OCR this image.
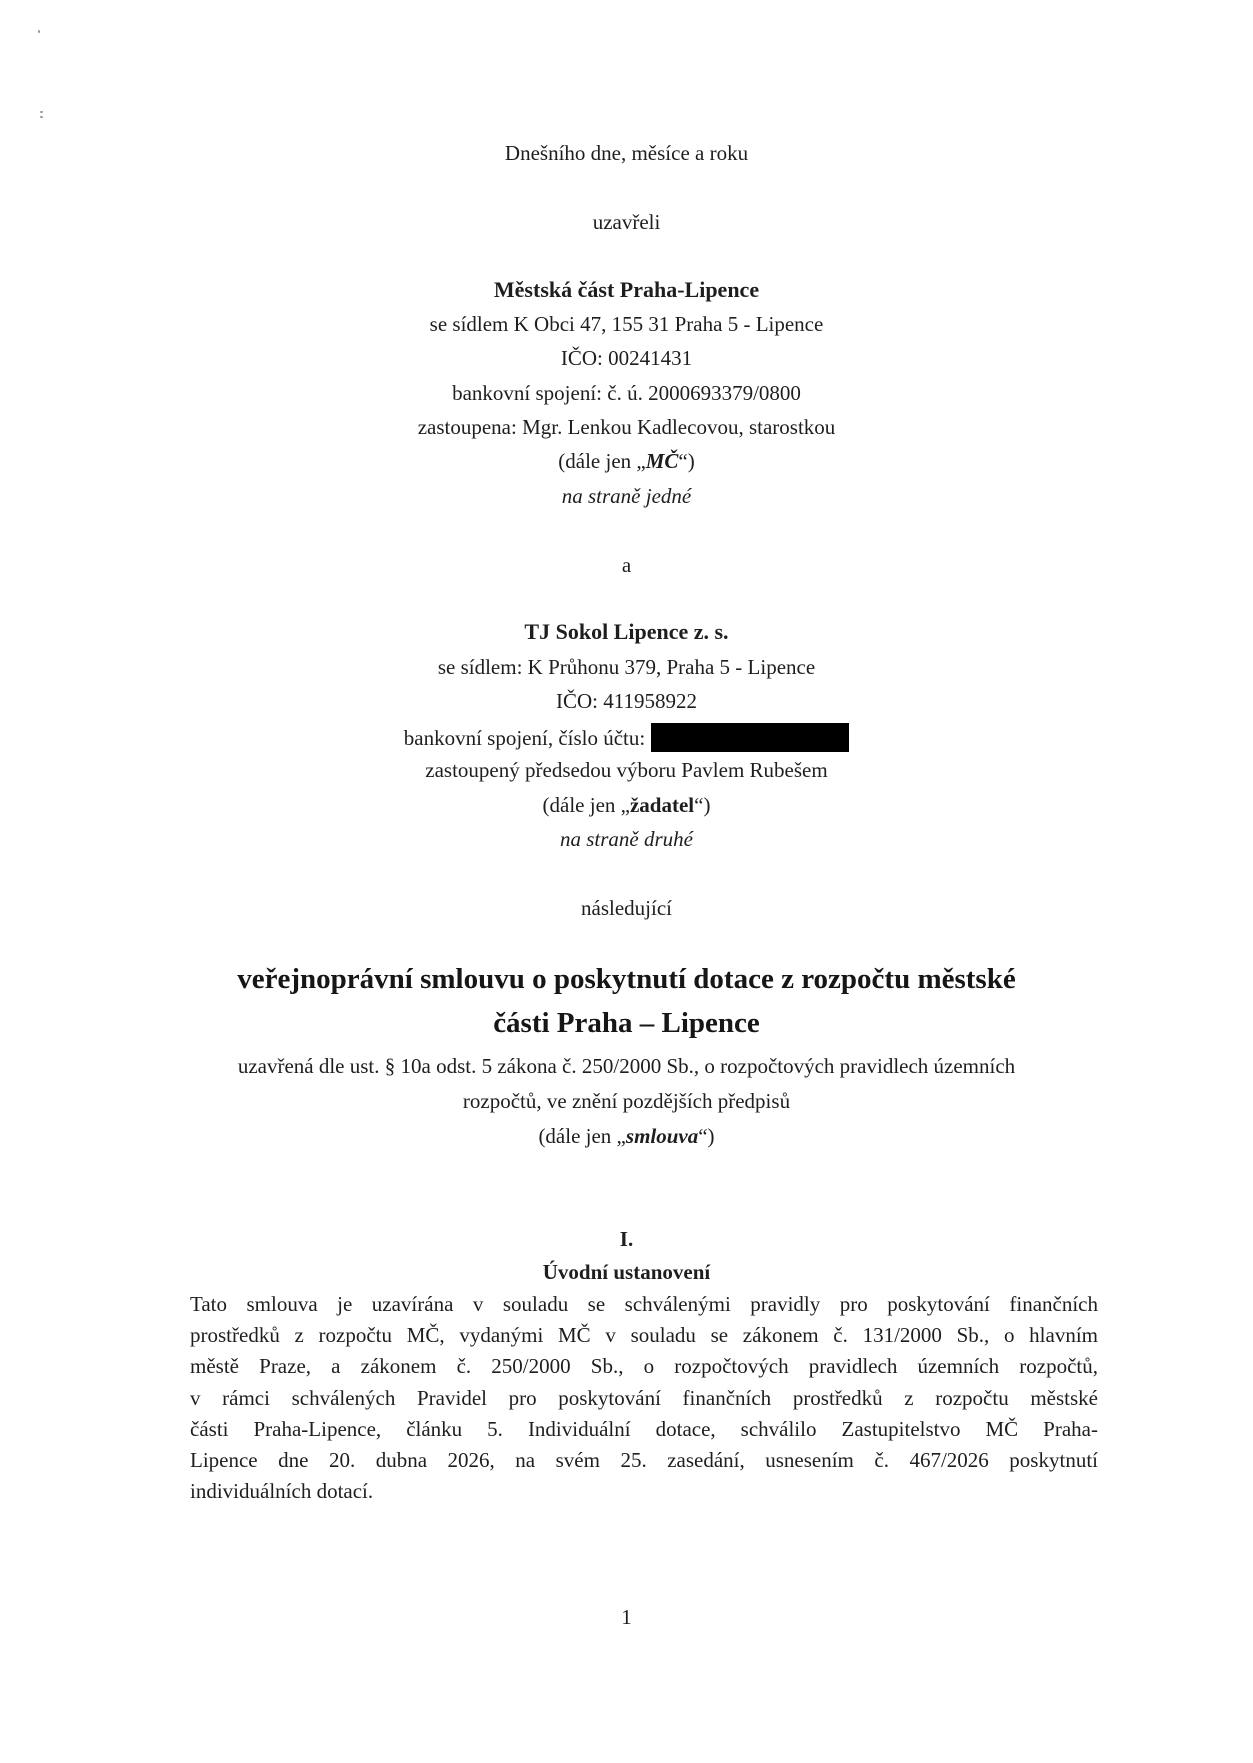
Dnešního dne, měsíce a roku
uzavřeli
Městská část Praha-Lipence
se sídlem K Obci 47, 155 31 Praha 5 - Lipence
IČO: 00241431
bankovní spojení: č. ú. 2000693379/0800
zastoupena: Mgr. Lenkou Kadlecovou, starostkou
(dále jen „MČ“)
na straně jedné
a
TJ Sokol Lipence z. s.
se sídlem: K Průhonu 379, Praha 5 - Lipence
IČO: 411958922
bankovní spojení, číslo účtu:
zastoupený předsedou výboru Pavlem Rubešem
(dále jen „žadatel“)
na straně druhé
následující
veřejnoprávní smlouvu o poskytnutí dotace z rozpočtu městské
části Praha – Lipence
uzavřená dle ust. § 10a odst. 5 zákona č. 250/2000 Sb., o rozpočtových pravidlech územních
rozpočtů, ve znění pozdějších předpisů
(dále jen „smlouva“)
I.
Úvodní ustanovení
Tato smlouva je uzavírána v souladu se schválenými pravidly pro poskytování finančních
prostředků z rozpočtu MČ, vydanými MČ v souladu se zákonem č. 131/2000 Sb., o hlavním
městě Praze, a zákonem č. 250/2000 Sb., o rozpočtových pravidlech územních rozpočtů,
v rámci schválených Pravidel pro poskytování finančních prostředků z rozpočtu městské
části Praha-Lipence, článku 5. Individuální dotace, schválilo Zastupitelstvo MČ Praha-
Lipence dne 20. dubna 2026, na svém 25. zasedání, usnesením č. 467/2026 poskytnutí
individuálních dotací.
1
